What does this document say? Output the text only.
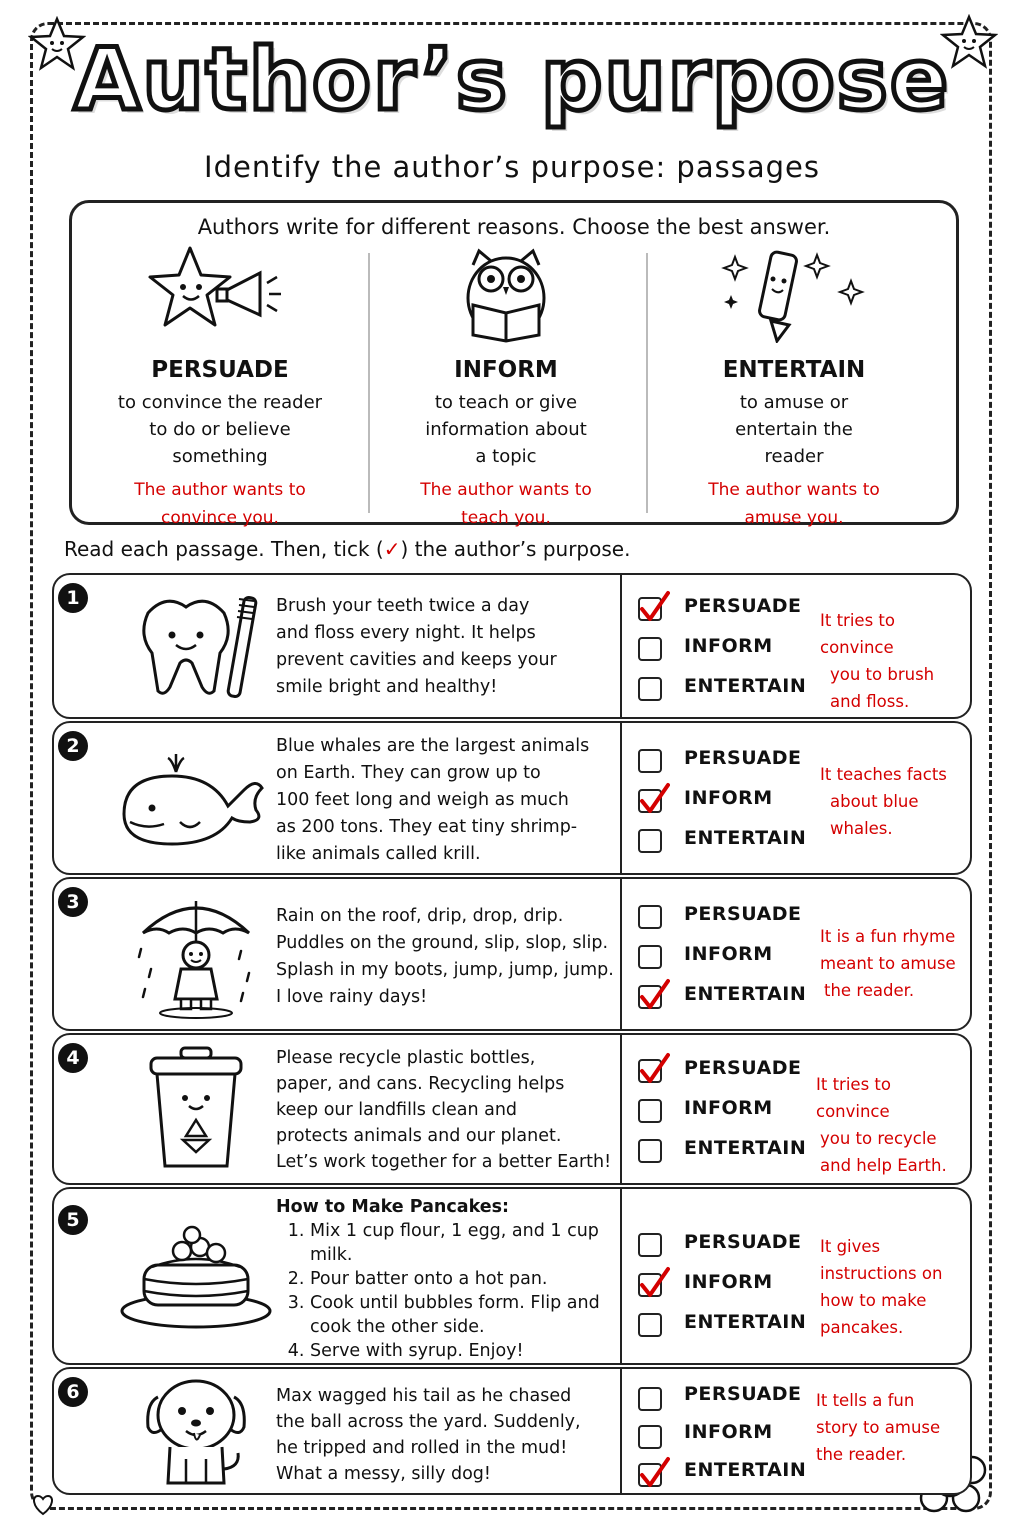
Author’s purpose
Identify the author’s purpose: passages
Authors write for different reasons. Choose the best answer.
PERSUADE
to convince the reader
to do or believe
something
The author wants to
convince you.
INFORM
to teach or give
information about
a topic
The author wants to
teach you.
ENTERTAIN
to amuse or
entertain the
reader
The author wants to
amuse you.
Read each passage. Then, tick (✓) the author’s purpose.
1	Brush your teeth twice a day
and floss every night. It helps
prevent cavities and keeps your
smile bright and healthy!
PERSUADE
INFORM
ENTERTAIN
It tries to convince
you to brush
and floss.
2	Blue whales are the largest animals
on Earth. They can grow up to
100 feet long and weigh as much
as 200 tons. They eat tiny shrimp-
like animals called krill.
PERSUADE
INFORM
ENTERTAIN
It teaches facts
about blue
whales.
3
Rain on the roof, drip, drop, drip.
Puddles on the ground, slip, slop, slip.
Splash in my boots, jump, jump, jump.
I love rainy days!
PERSUADE
INFORM
ENTERTAIN
It is a fun rhyme
meant to amuse
the reader.
4	Please recycle plastic bottles,
paper, and cans. Recycling helps
keep our landfills clean and
protects animals and our planet.
Let’s work together for a better Earth!
PERSUADE
INFORM
ENTERTAIN
It tries to convince
you to recycle
and help Earth.
5
How to Make Pancakes:
1. Mix 1 cup flour, 1 egg, and 1 cup milk.
2. Pour batter onto a hot pan.
3. Cook until bubbles form. Flip and cook the other side.
4. Serve with syrup. Enjoy!
PERSUADE
INFORM
ENTERTAIN
It gives
instructions on
how to make
pancakes.
6	Max wagged his tail as he chased
the ball across the yard. Suddenly,
he tripped and rolled in the mud!
What a messy, silly dog!
PERSUADE
INFORM
ENTERTAIN
It tells a fun
story to amuse
the reader.
